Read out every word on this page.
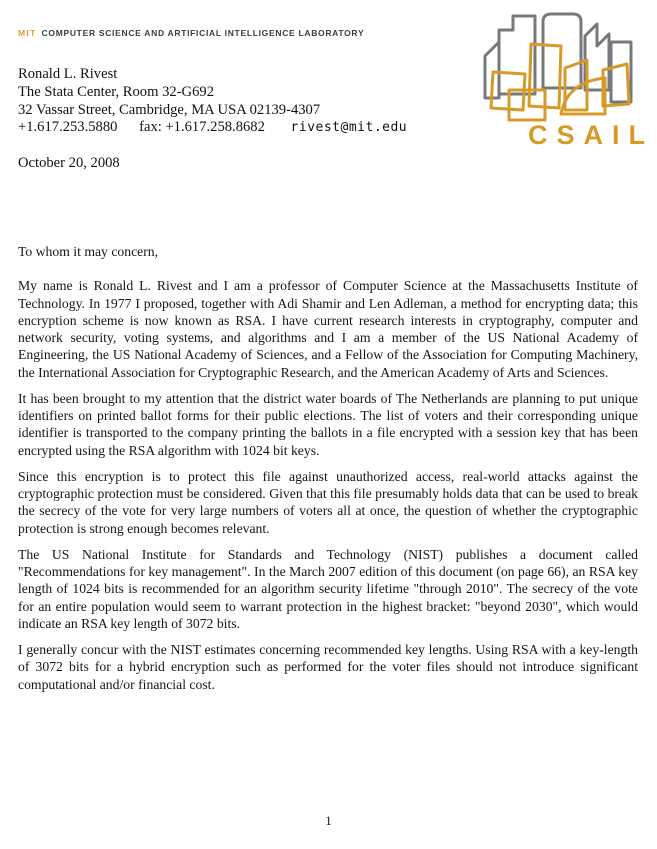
MIT COMPUTER SCIENCE AND ARTIFICIAL INTELLIGENCE LABORATORY
CSAIL
Ronald L. Rivest
The Stata Center, Room 32-G692
32 Vassar Street, Cambridge, MA USA 02139-4307
+1.617.253.5880 fax: +1.617.258.8682 rivest@mit.edu
October 20, 2008

To whom it may concern,

My name is Ronald L. Rivest and I am a professor of Computer Science at the Massachusetts Institute of Technology. In 1977 I proposed, together with Adi Shamir and Len Adleman, a method for encrypting data; this encryption scheme is now known as RSA. I have current research interests in cryptography, computer and network security, voting systems, and algorithms and I am a member of the US National Academy of Engineering, the US National Academy of Sciences, and a Fellow of the Association for Computing Machinery, the International Association for Cryptographic Research, and the American Academy of Arts and Sciences.

It has been brought to my attention that the district water boards of The Netherlands are planning to put unique identifiers on printed ballot forms for their public elections. The list of voters and their corresponding unique identifier is transported to the company printing the ballots in a file encrypted with a session key that has been encrypted using the RSA algorithm with 1024 bit keys.

Since this encryption is to protect this file against unauthorized access, real-world attacks against the cryptographic protection must be considered. Given that this file presumably holds data that can be used to break the secrecy of the vote for very large numbers of voters all at once, the question of whether the cryptographic protection is strong enough becomes relevant.

The US National Institute for Standards and Technology (NIST) publishes a document called "Recommendations for key management". In the March 2007 edition of this document (on page 66), an RSA key length of 1024 bits is recommended for an algorithm security lifetime "through 2010". The secrecy of the vote for an entire population would seem to warrant protection in the highest bracket: "beyond 2030", which would indicate an RSA key length of 3072 bits.

I generally concur with the NIST estimates concerning recommended key lengths. Using RSA with a key-length of 3072 bits for a hybrid encryption such as performed for the voter files should not introduce significant computational and/or financial cost.

1
